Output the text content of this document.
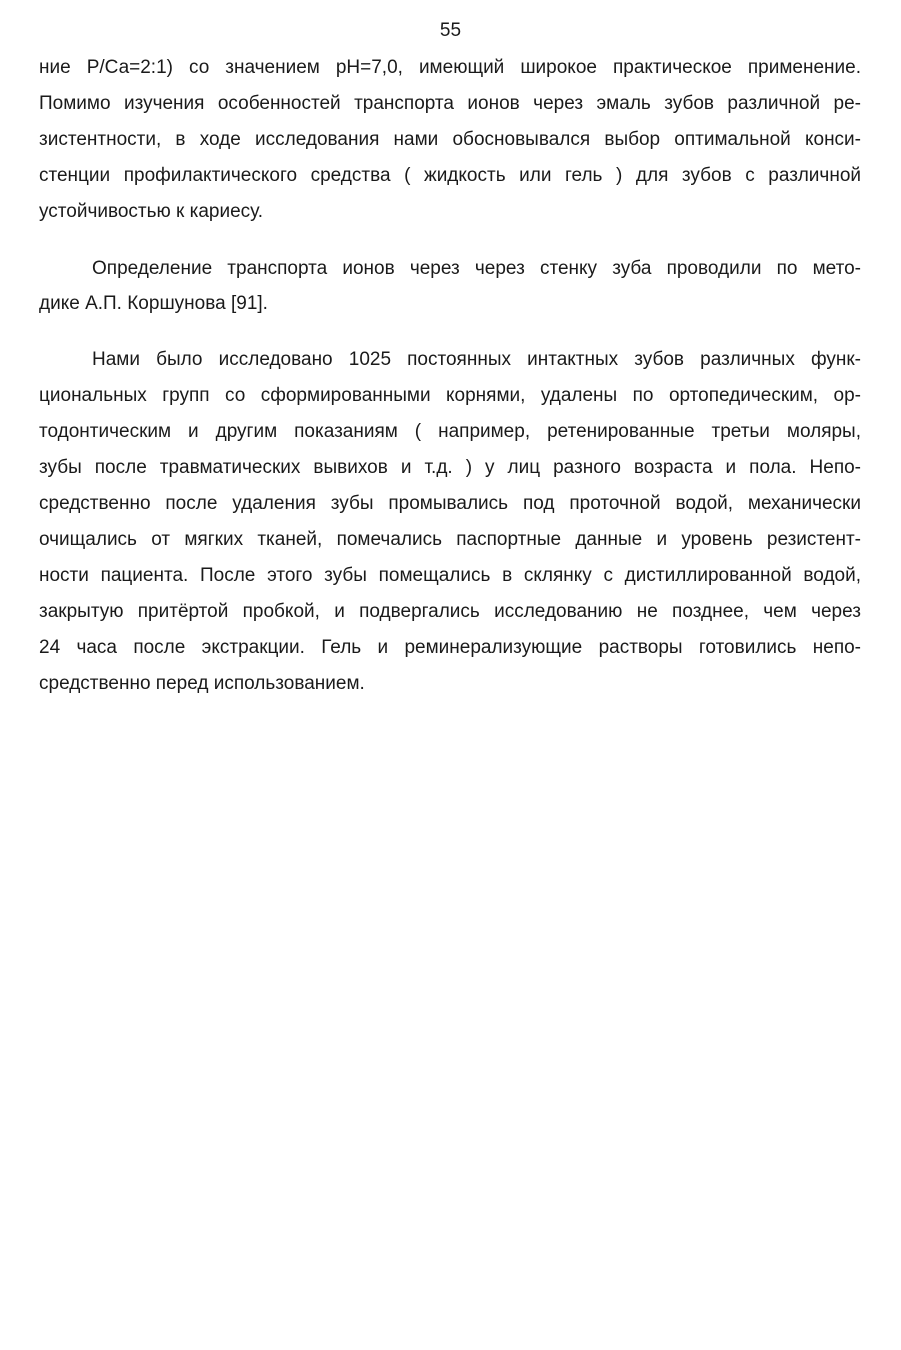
55
ние Р/Са=2:1) со значением рН=7,0, имеющий широкое практическое применение.
Помимо изучения особенностей транспорта ионов через эмаль зубов различной ре-
зистентности, в ходе исследования нами обосновывался выбор оптимальной конси-
стенции профилактического средства ( жидкость или гель ) для зубов с различной
устойчивостью к кариесу.
Определение транспорта ионов через через стенку зуба проводили по мето-
дике А.П. Коршунова [91].
Нами было исследовано 1025 постоянных интактных зубов различных функ-
циональных групп со сформированными корнями, удалены по ортопедическим, ор-
тодонтическим и другим показаниям ( например, ретенированные третьи моляры,
зубы после травматических вывихов и т.д. ) у лиц разного возраста и пола. Непо-
средственно после удаления зубы промывались под проточной водой, механически
очищались от мягких тканей, помечались паспортные данные и уровень резистент-
ности пациента. После этого зубы помещались в склянку с дистиллированной водой,
закрытую притёртой пробкой, и подвергались исследованию не позднее, чем через
24 часа после экстракции. Гель и реминерализующие растворы готовились непо-
средственно перед использованием.
